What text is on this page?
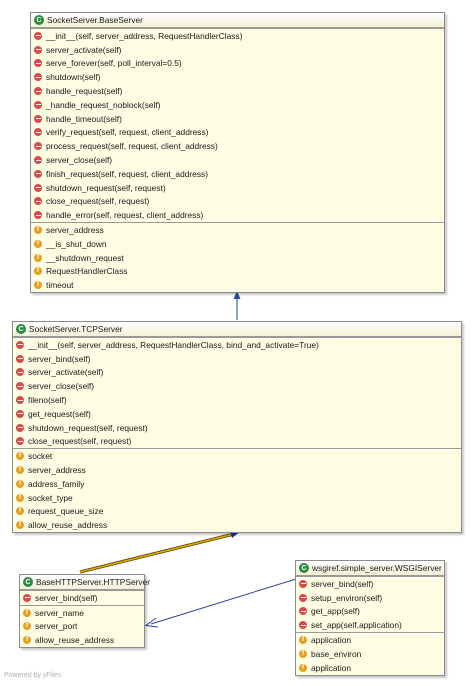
C SocketServer.BaseServer
__init__(self, server_address, RequestHandlerClass)
server_activate(self)
serve_forever(self, poll_interval=0.5)
shutdown(self)
handle_request(self)
_handle_request_noblock(self)
handle_timeout(self)
verify_request(self, request, client_address)
process_request(self, request, client_address)
server_close(self)
finish_request(self, request, client_address)
shutdown_request(self, request)
close_request(self, request)
handle_error(self, request, client_address)
f server_address
f __is_shut_down
f __shutdown_request
f RequestHandlerClass
f timeout
C SocketServer.TCPServer
__init__(self, server_address, RequestHandlerClass, bind_and_activate=True)
server_bind(self)
server_activate(self)
server_close(self)
fileno(self)
get_request(self)
shutdown_request(self, request)
close_request(self, request)
f socket
f server_address
f address_family
f socket_type
f request_queue_size
f allow_reuse_address
C BaseHTTPServer.HTTPServer
server_bind(self)
f server_name
f server_port
f allow_reuse_address
C wsgiref.simple_server.WSGIServer
server_bind(self)
setup_environ(self)
get_app(self)
set_app(self,application)
f application
f base_environ
f application
Powered by yFiles
